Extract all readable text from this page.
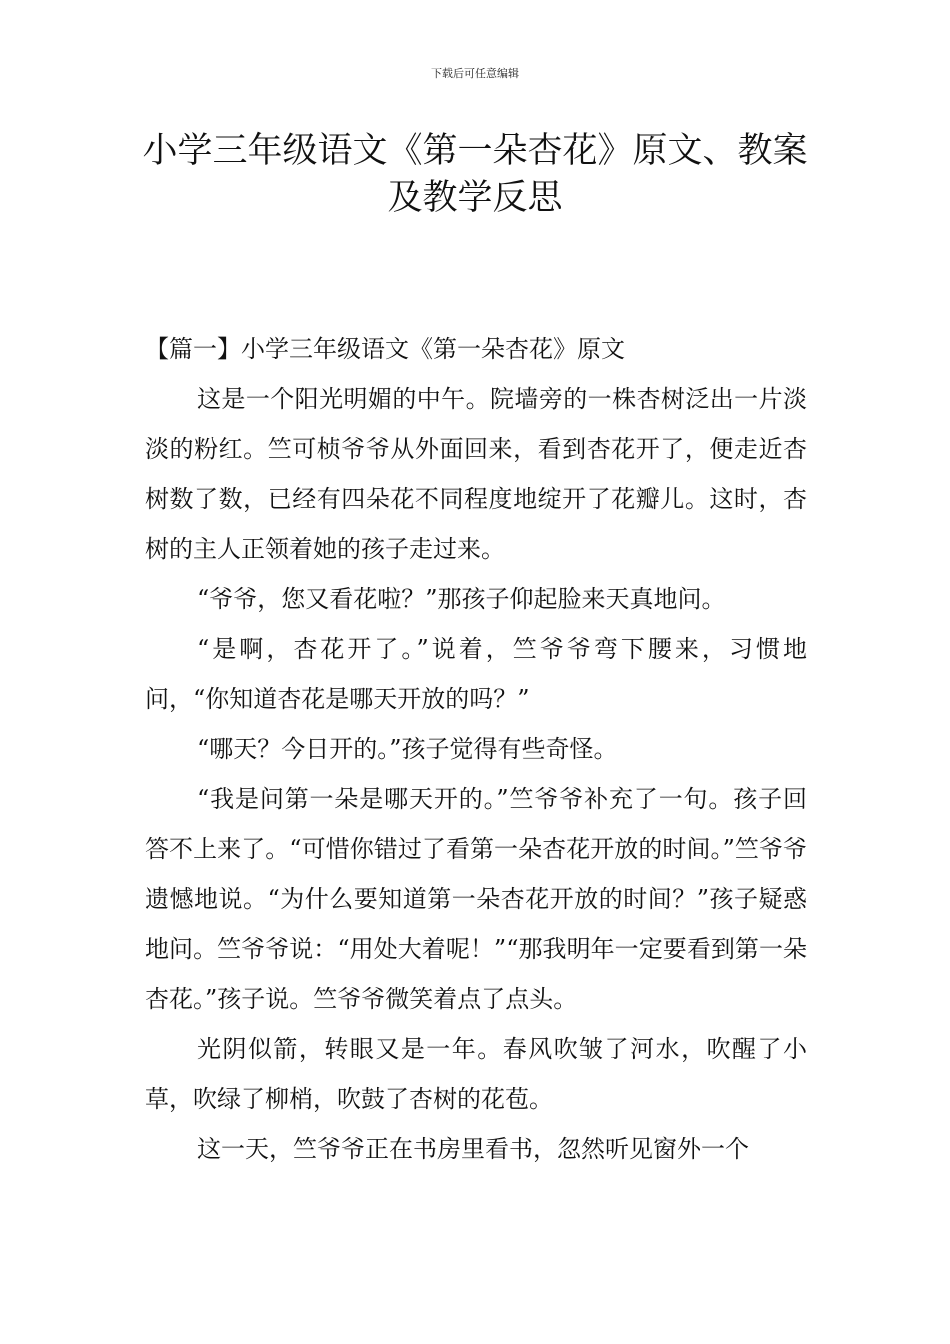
下载后可任意编辑
小学三年级语文《第一朵杏花》原文、教案及教学反思

【篇一】小学三年级语文《第一朵杏花》原文

这是一个阳光明媚的中午。院墙旁的一株杏树泛出一片淡淡的粉红。竺可桢爷爷从外面回来，看到杏花开了，便走近杏树数了数，已经有四朵花不同程度地绽开了花瓣儿。这时，杏树的主人正领着她的孩子走过来。

“爷爷，您又看花啦？”那孩子仰起脸来天真地问。

“是啊，杏花开了。”说着，竺爷爷弯下腰来，习惯地问，“你知道杏花是哪天开放的吗？”

“哪天？今日开的。”孩子觉得有些奇怪。

“我是问第一朵是哪天开的。”竺爷爷补充了一句。孩子回答不上来了。“可惜你错过了看第一朵杏花开放的时间。”竺爷爷遗憾地说。“为什么要知道第一朵杏花开放的时间？”孩子疑惑地问。竺爷爷说：“用处大着呢！”“那我明年一定要看到第一朵杏花。”孩子说。竺爷爷微笑着点了点头。

光阴似箭，转眼又是一年。春风吹皱了河水，吹醒了小草，吹绿了柳梢，吹鼓了杏树的花苞。

这一天，竺爷爷正在书房里看书，忽然听见窗外一个
